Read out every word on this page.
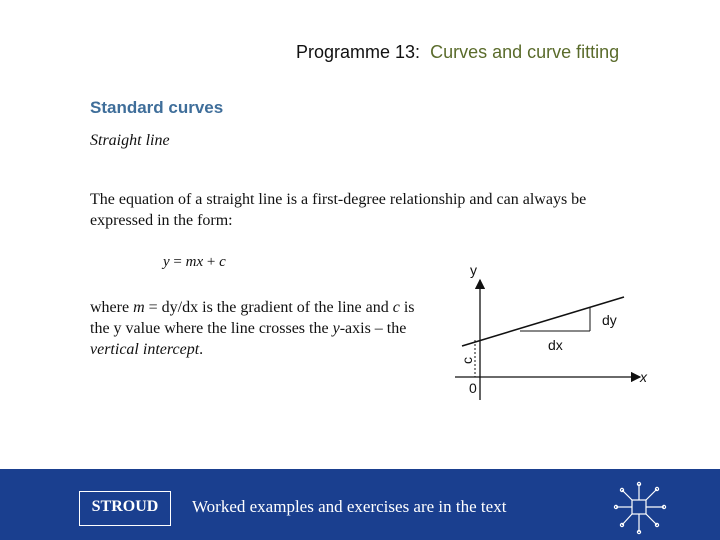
Programme 13: Curves and curve fitting
Standard curves
Straight line
The equation of a straight line is a first-degree relationship and can always be expressed in the form:
y = mx + c
where m = dy/dx is the gradient of the line and c is the y value where the line crosses the y-axis – the vertical intercept.
y
x
0
c
dx
dy
STROUD	Worked examples and exercises are in the text
